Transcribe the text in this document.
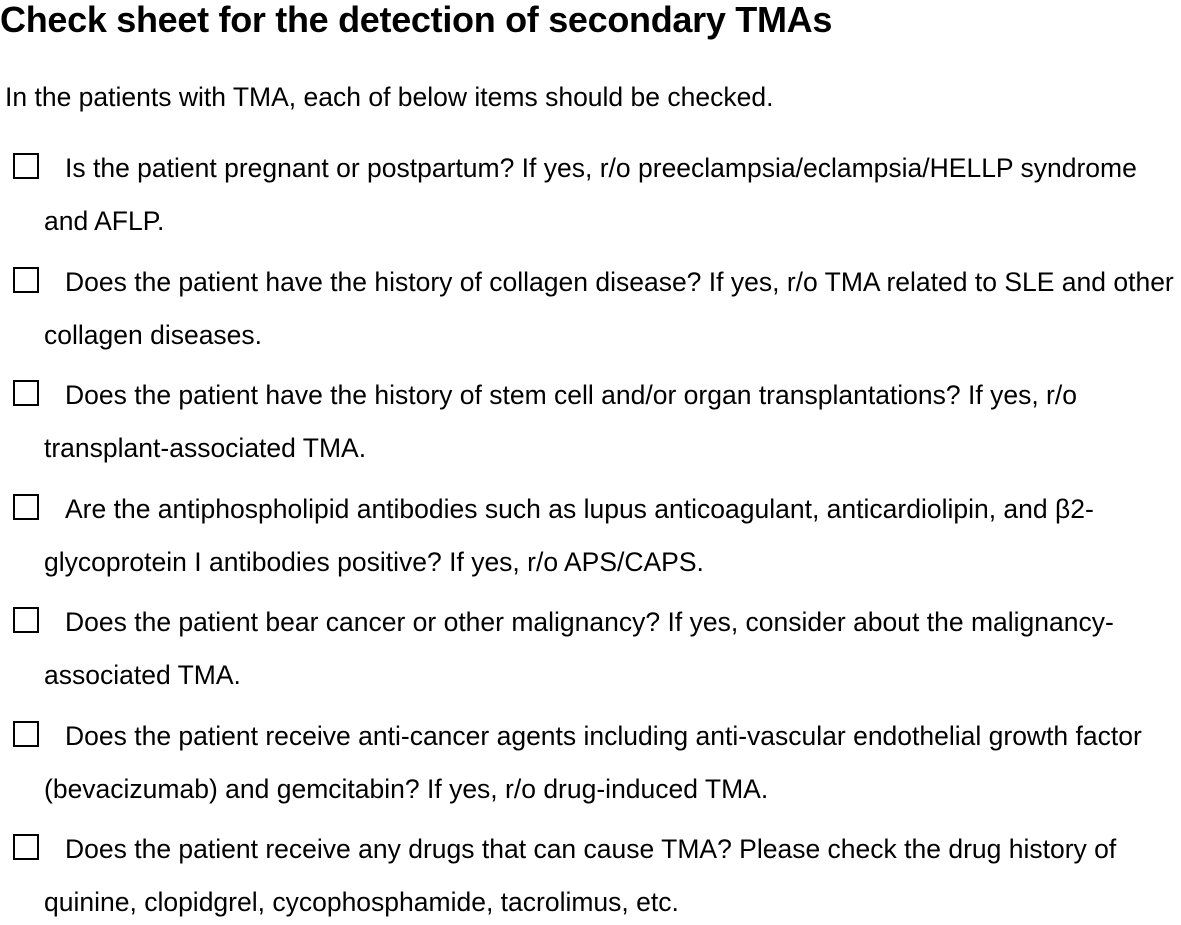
Check sheet for the detection of secondary TMAs
In the patients with TMA, each of below items should be checked.
Is the patient pregnant or postpartum? If yes, r/o preeclampsia/eclampsia/HELLP syndrome and AFLP.
Does the patient have the history of collagen disease? If yes, r/o TMA related to SLE and other collagen diseases.
Does the patient have the history of stem cell and/or organ transplantations? If yes, r/o transplant-associated TMA.
Are the antiphospholipid antibodies such as lupus anticoagulant, anticardiolipin, and β2-glycoprotein I antibodies positive? If yes, r/o APS/CAPS.
Does the patient bear cancer or other malignancy? If yes, consider about the malignancy-associated TMA.
Does the patient receive anti-cancer agents including anti-vascular endothelial growth factor (bevacizumab) and gemcitabin? If yes, r/o drug-induced TMA.
Does the patient receive any drugs that can cause TMA? Please check the drug history of quinine, clopidgrel, cycophosphamide, tacrolimus, etc.
